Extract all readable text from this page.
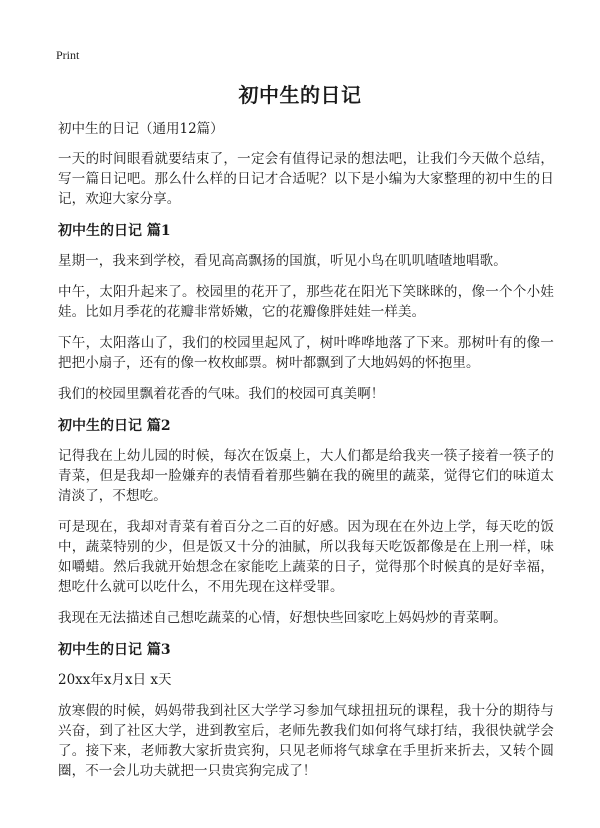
Print
初中生的日记

初中生的日记（通用12篇）

一天的时间眼看就要结束了，一定会有值得记录的想法吧，让我们今天做个总结，写一篇日记吧。那么什么样的日记才合适呢？以下是小编为大家整理的初中生的日记，欢迎大家分享。

初中生的日记 篇1

星期一，我来到学校，看见高高飘扬的国旗，听见小鸟在叽叽喳喳地唱歌。

中午，太阳升起来了。校园里的花开了，那些花在阳光下笑眯眯的，像一个个小娃娃。比如月季花的花瓣非常娇嫩，它的花瓣像胖娃娃一样美。

下午，太阳落山了，我们的校园里起风了，树叶哗哗地落了下来。那树叶有的像一把把小扇子，还有的像一枚枚邮票。树叶都飘到了大地妈妈的怀抱里。

我们的校园里飘着花香的气味。我们的校园可真美啊！

初中生的日记 篇2

记得我在上幼儿园的时候，每次在饭桌上，大人们都是给我夹一筷子接着一筷子的青菜，但是我却一脸嫌弃的表情看着那些躺在我的碗里的蔬菜，觉得它们的味道太清淡了，不想吃。

可是现在，我却对青菜有着百分之二百的好感。因为现在在外边上学，每天吃的饭中，蔬菜特别的少，但是饭又十分的油腻，所以我每天吃饭都像是在上刑一样，味如嚼蜡。然后我就开始想念在家能吃上蔬菜的日子，觉得那个时候真的是好幸福，想吃什么就可以吃什么，不用先现在这样受罪。

我现在无法描述自己想吃蔬菜的心情，好想快些回家吃上妈妈炒的青菜啊。

初中生的日记 篇3

20xx年x月x日 x天

放寒假的时候，妈妈带我到社区大学学习参加气球扭扭玩的课程，我十分的期待与兴奋，到了社区大学，进到教室后，老师先教我们如何将气球打结，我很快就学会了。接下来，老师教大家折贵宾狗，只见老师将气球拿在手里折来折去，又转个圆圈，不一会儿功夫就把一只贵宾狗完成了！
